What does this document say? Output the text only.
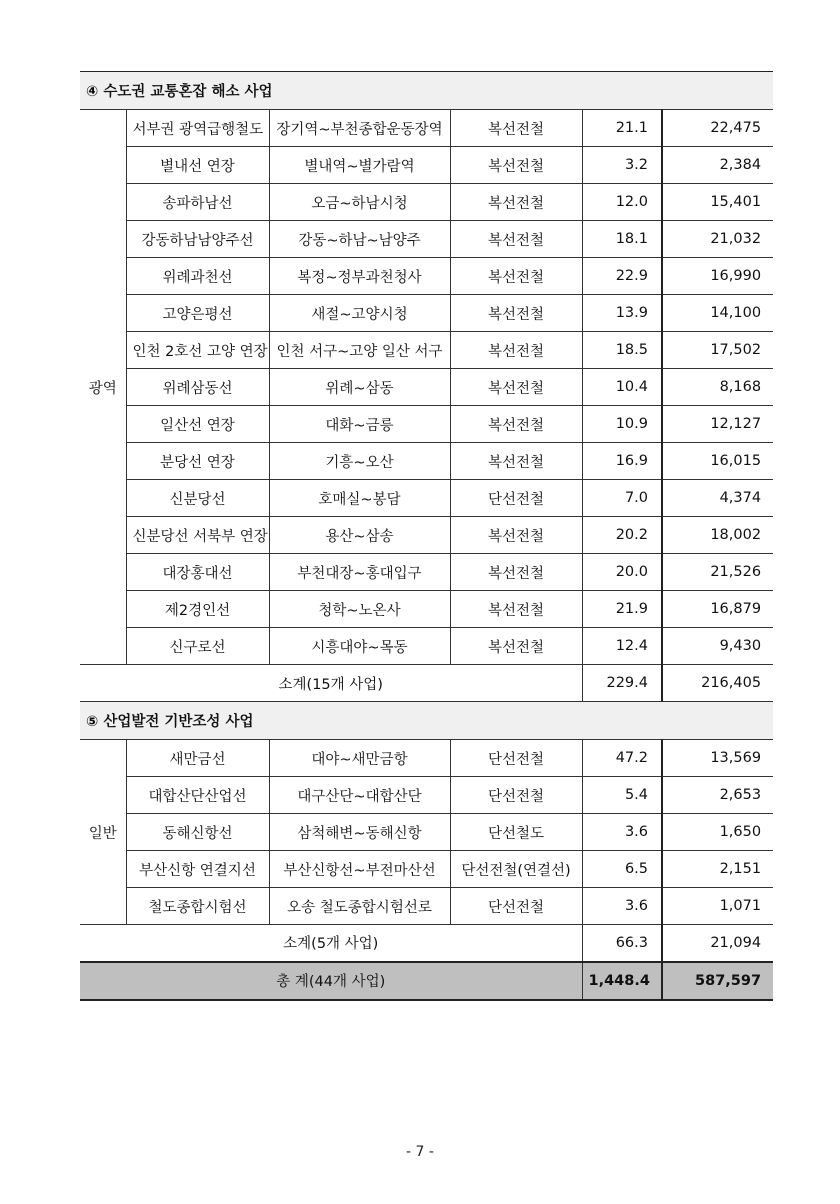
④ 수도권 교통혼잡 해소 사업					
광역	서부권 광역급행철도	장기역~부천종합운동장역	복선전철	21.1	22,475
	별내선 연장	별내역~별가람역	복선전철	3.2	2,384
	송파하남선	오금~하남시청	복선전철	12.0	15,401
	강동하남남양주선	강동~하남~남양주	복선전철	18.1	21,032
	위례과천선	복정~정부과천청사	복선전철	22.9	16,990
	고양은평선	새절~고양시청	복선전철	13.9	14,100
	인천 2호선 고양 연장	인천 서구~고양 일산 서구	복선전철	18.5	17,502
	위례삼동선	위례~삼동	복선전철	10.4	8,168
	일산선 연장	대화~금릉	복선전철	10.9	12,127
	분당선 연장	기흥~오산	복선전철	16.9	16,015
	신분당선	호매실~봉담	단선전철	7.0	4,374
	신분당선 서북부 연장	용산~삼송	복선전철	20.2	18,002
	대장홍대선	부천대장~홍대입구	복선전철	20.0	21,526
	제2경인선	청학~노온사	복선전철	21.9	16,879
	신구로선	시흥대야~목동	복선전철	12.4	9,430
소계(15개 사업)				229.4	216,405
⑤ 산업발전 기반조성 사업					
일반	새만금선	대야~새만금항	단선전철	47.2	13,569
	대합산단산업선	대구산단~대합산단	단선전철	5.4	2,653
	동해신항선	삼척해변~동해신항	단선철도	3.6	1,650
	부산신항 연결지선	부산신항선~부전마산선	단선전철(연결선)	6.5	2,151
	철도종합시험선	오송 철도종합시험선로	단선전철	3.6	1,071
소계(5개 사업)				66.3	21,094
총 계(44개 사업)				1,448.4	587,597
- 7 -
